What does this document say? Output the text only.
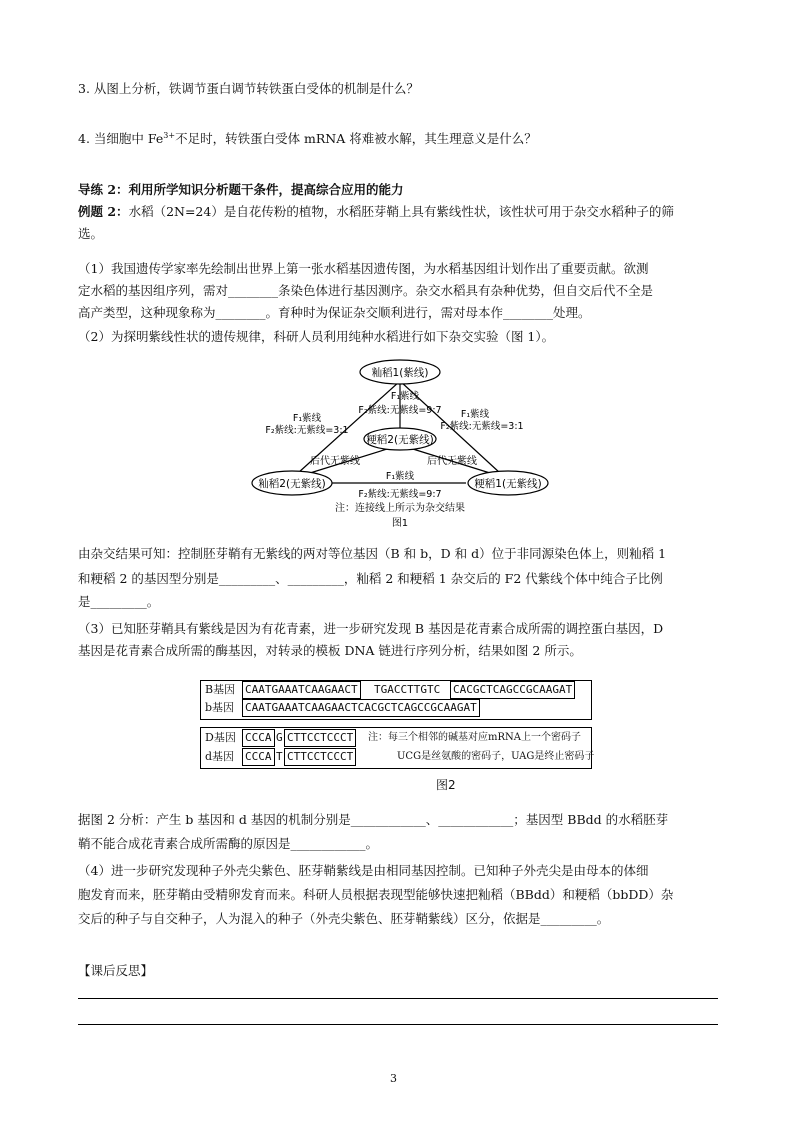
3. 从图上分析，铁调节蛋白调节转铁蛋白受体的机制是什么？
4. 当细胞中 $Fe^{3+}$不足时，转铁蛋白受体 mRNA 将难被水解，其生理意义是什么？
导练 2：利用所学知识分析题干条件，提高综合应用的能力
例题 2：水稻（2N=24）是自花传粉的植物，水稻胚芽鞘上具有紫线性状，该性状可用于杂交水稻种子的筛
选。
（1）我国遗传学家率先绘制出世界上第一张水稻基因遗传图，为水稻基因组计划作出了重要贡献。欲测
定水稻的基因组序列，需对________条染色体进行基因测序。杂交水稻具有杂种优势，但自交后代不全是
高产类型，这种现象称为________。育种时为保证杂交顺利进行，需对母本作________处理。
（2）为探明紫线性状的遗传规律，科研人员利用纯种水稻进行如下杂交实验（图 1）。
籼稻1(紫线)
粳稻2(无紫线)
籼稻2(无紫线)	粳稻1(无紫线)
F₁紫线
F₂紫线:无紫线=3:1
F₁紫线
F₂紫线:无紫线=3:1
F₁紫线
F₂紫线:无紫线=9:7
后代无紫线	后代无紫线
F₁紫线
F₂紫线:无紫线=9:7
注：连接线上所示为杂交结果
图1
由杂交结果可知：控制胚芽鞘有无紫线的两对等位基因（B 和 b，D 和 d）位于非同源染色体上，则籼稻 1
和粳稻 2 的基因型分别是_________、_________，籼稻 2 和粳稻 1 杂交后的 F2 代紫线个体中纯合子比例
是_________。
（3）已知胚芽鞘具有紫线是因为有花青素，进一步研究发现 B 基因是花青素合成所需的调控蛋白基因，D
基因是花青素合成所需的酶基因，对转录的模板 DNA 链进行序列分析，结果如图 2 所示。
B基因 CAATGAAATCAAGAACT TGACCTTGTC CACGCTCAGCCGCAAGAT
b基因 CAATGAAATCAAGAACTCACGCTCAGCCGCAAGAT
D基因 CCCA G CTTCCTCCCT
d基因 CCCA T CTTCCTCCCT
注：每三个相邻的碱基对应mRNA上一个密码子
UCG是丝氨酸的密码子，UAG是终止密码子
图2
据图 2 分析：产生 b 基因和 d 基因的机制分别是____________、____________；基因型 BBdd 的水稻胚芽
鞘不能合成花青素合成所需酶的原因是____________。
（4）进一步研究发现种子外壳尖紫色、胚芽鞘紫线是由相同基因控制。已知种子外壳尖是由母本的体细
胞发育而来，胚芽鞘由受精卵发育而来。科研人员根据表现型能够快速把籼稻（BBdd）和粳稻（bbDD）杂
交后的种子与自交种子，人为混入的种子（外壳尖紫色、胚芽鞘紫线）区分，依据是_________。
【课后反思】
3
